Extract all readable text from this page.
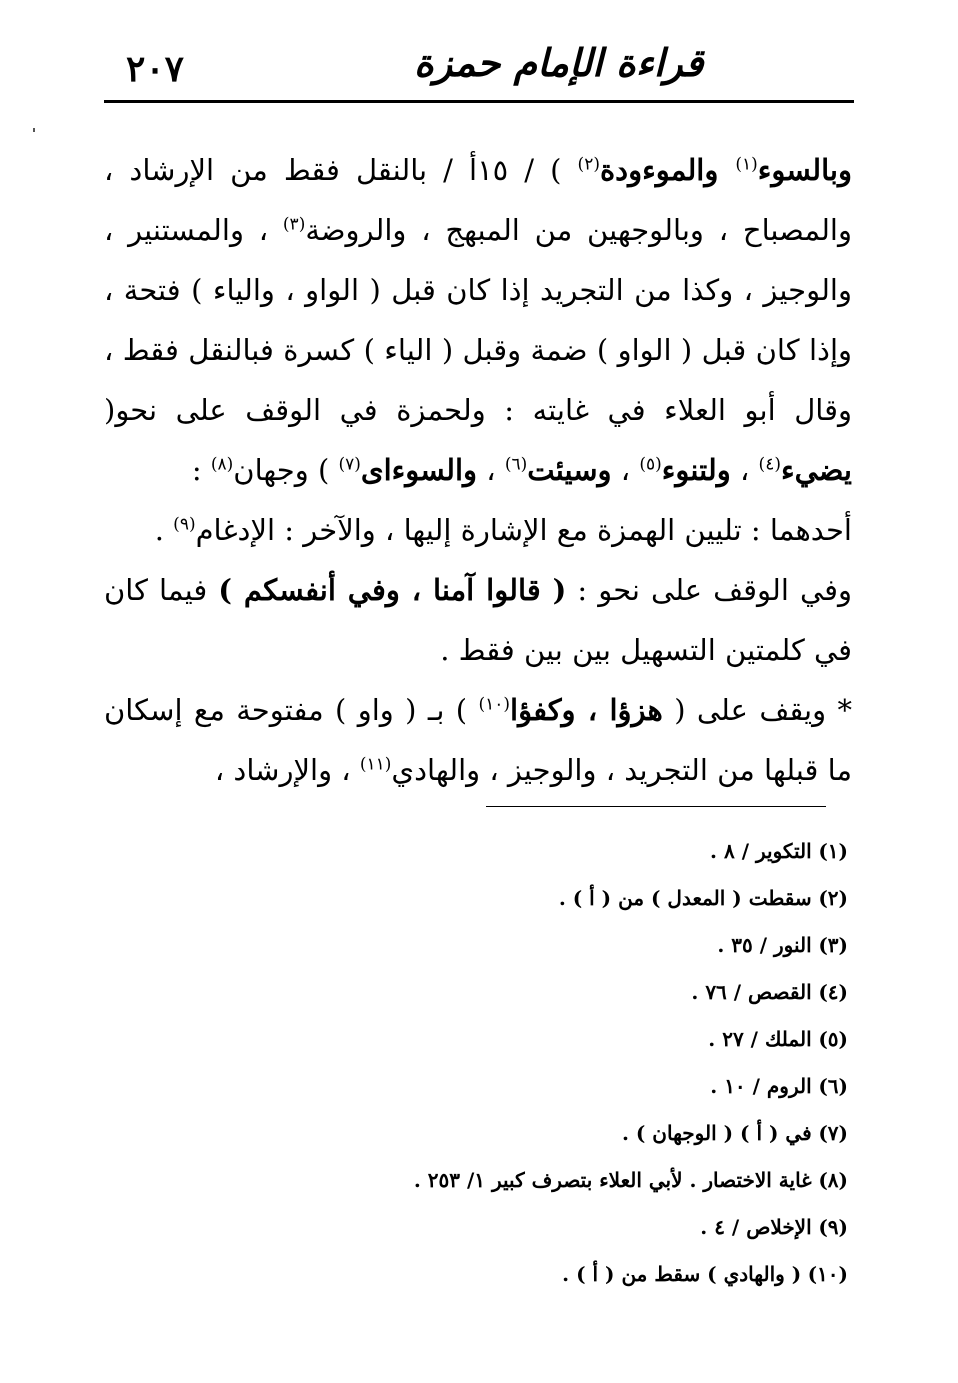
٢٠٧	قراءة الإمام حمزة

وبالسوء$^{(١)}$ والموءودة$^{(٢)}$ ) / ١٥أ / بالنقل فقط من الإرشاد ، والمصباح ، وبالوجهين من المبهج ، والروضة$^{(٣)}$ ، والمستنير ، والوجيز ، وكذا من التجريد إذا كان قبل ( الواو ، والياء ) فتحة ، وإذا كان قبل ( الواو ) ضمة وقبل ( الياء ) كسرة فبالنقل فقط ، وقال أبو العلاء في غايته : ولحمزة في الوقف على نحو( يضيء$^{(٤)}$ ، ولتنوء$^{(٥)}$ ، وسيئت$^{(٦)}$ ، والسوءاى$^{(٧)}$ ) وجهان$^{(٨)}$ :

أحدهما : تليين الهمزة مع الإشارة إليها ، والآخر : الإدغام$^{(٩)}$ .

وفي الوقف على نحو : ( قالوا آمنا ، وفي أنفسكم ) فيما كان في كلمتين التسهيل بين بين فقط .

* ويقف على ( هزؤا ، وكفؤا$^{(١٠)}$ ) بـ ( واو ) مفتوحة مع إسكان ما قبلها من التجريد ، والوجيز ، والهادي$^{(١١)}$ ، والإرشاد ،

(١) التكوير / ٨ .
(٢) سقطت ( المعدل ) من ( أ ) .
(٣) النور / ٣٥ .
(٤) القصص / ٧٦ .
(٥) الملك / ٢٧ .
(٦) الروم / ١٠ .
(٧) في ( أ ) ( الوجهان ) .
(٨) غاية الاختصار . لأبي العلاء بتصرف كبير ١/ ٢٥٣ .
(٩) الإخلاص / ٤ .
(١٠) ( والهادي ) سقط من ( أ ) .
